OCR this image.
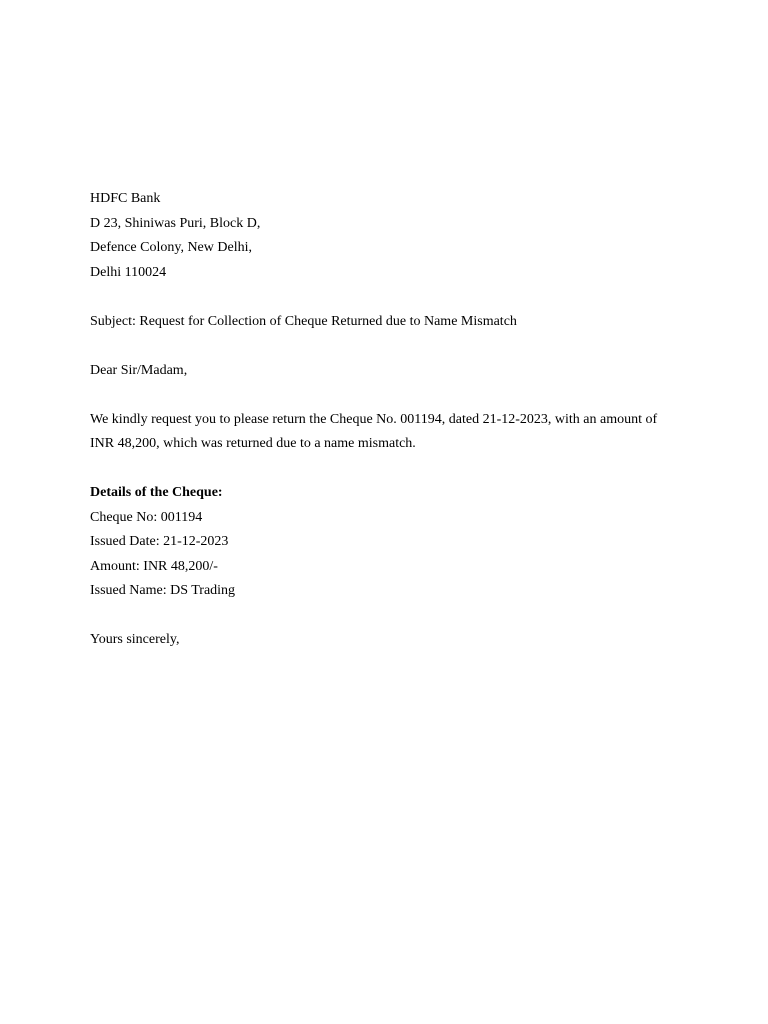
HDFC Bank
D 23, Shiniwas Puri, Block D,
Defence Colony, New Delhi,
Delhi 110024
Subject: Request for Collection of Cheque Returned due to Name Mismatch
Dear Sir/Madam,
We kindly request you to please return the Cheque No. 001194, dated 21-12-2023, with an amount of INR 48,200, which was returned due to a name mismatch.
Details of the Cheque:
Cheque No: 001194
Issued Date: 21-12-2023
Amount: INR 48,200/-
Issued Name: DS Trading
Yours sincerely,
